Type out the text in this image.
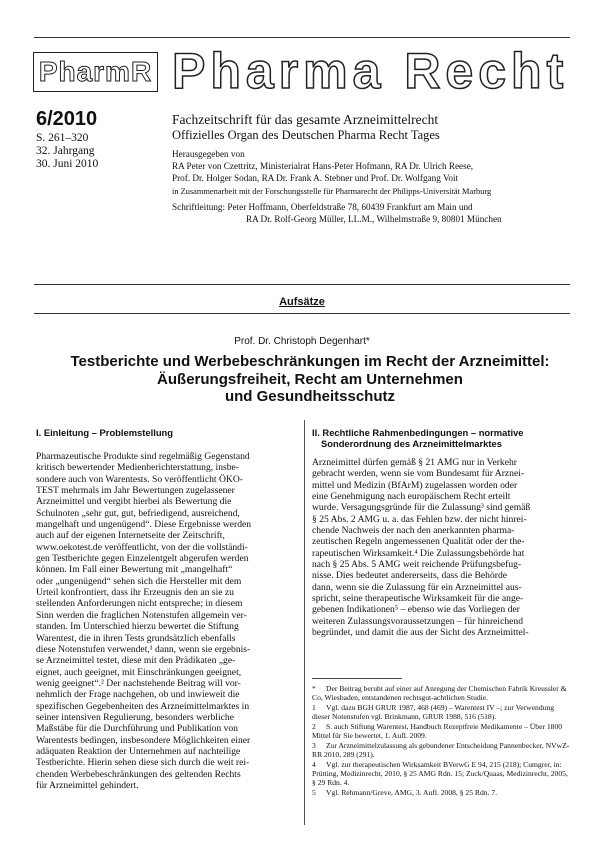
PharmR Pharma Recht
6/2010
S. 261–320
32. Jahrgang
30. Juni 2010
Fachzeitschrift für das gesamte Arzneimittelrecht
Offizielles Organ des Deutschen Pharma Recht Tages
Herausgegeben von
RA Peter von Czettritz, Ministerialrat Hans-Peter Hofmann, RA Dr. Ulrich Reese,
Prof. Dr. Holger Sodan, RA Dr. Frank A. Stebner und Prof. Dr. Wolfgang Voit
in Zusammenarbeit mit der Forschungsstelle für Pharmarecht der Philipps-Universität Marburg
Schriftleitung: Peter Hoffmann, Oberfeldstraße 78, 60439 Frankfurt am Main und
RA Dr. Rolf-Georg Müller, LL.M., Wilhelmstraße 9, 80801 München
Aufsätze
Prof. Dr. Christoph Degenhart*
Testberichte und Werbebeschränkungen im Recht der Arzneimittel:
Äußerungsfreiheit, Recht am Unternehmen
und Gesundheitsschutz
I. Einleitung – Problemstellung
Pharmazeutische Produkte sind regelmäßig Gegenstand
kritisch bewertender Medienberichterstattung, insbe-
sondere auch von Warentests. So veröffentlicht ÖKO-
TEST mehrmals im Jahr Bewertungen zugelassener
Arzneimittel und vergibt hierbei als Bewertung die
Schulnoten „sehr gut, gut, befriedigend, ausreichend,
mangelhaft und ungenügend“. Diese Ergebnisse werden
auch auf der eigenen Internetseite der Zeitschrift,
www.oekotest.de veröffentlicht, von der die vollständi-
gen Testberichte gegen Einzelentgelt abgerufen werden
können. Im Fall einer Bewertung mit „mangelhaft“
oder „ungenügend“ sehen sich die Hersteller mit dem
Urteil konfrontiert, dass ihr Erzeugnis den an sie zu
stellenden Anforderungen nicht entspreche; in diesem
Sinn werden die fraglichen Notenstufen allgemein ver-
standen. Im Unterschied hierzu bewertet die Stiftung
Warentest, die in ihren Tests grundsätzlich ebenfalls
diese Notenstufen verwendet,¹ dann, wenn sie ergebnis-
se Arzneimittel testet, diese mit den Prädikaten „ge-
eignet, auch geeignet, mit Einschränkungen geeignet,
wenig geeignet“.² Der nachstehende Beitrag will vor-
nehmlich der Frage nachgehen, ob und inwieweit die
spezifischen Gegebenheiten des Arzneimittelmarktes in
seiner intensiven Regulierung, besonders werbliche
Maßstäbe für die Durchführung und Publikation von
Warentests bedingen, insbesondere Möglichkeiten einer
adäquaten Reaktion der Unternehmen auf nachteilige
Testberichte. Hierin sehen diese sich durch die weit rei-
chenden Werbebeschränkungen des geltenden Rechts
für Arzneimittel gehindert.
II. Rechtliche Rahmenbedingungen – normative
Sonderordnung des Arzneimittelmarktes
Arzneimittel dürfen gemäß § 21 AMG nur in Verkehr
gebracht werden, wenn sie vom Bundesamt für Arznei-
mittel und Medizin (BfArM) zugelassen worden oder
eine Genehmigung nach europäischem Recht erteilt
wurde. Versagungsgründe für die Zulassung³ sind gemäß
§ 25 Abs. 2 AMG u. a. das Fehlen bzw. der nicht hinrei-
chende Nachweis der nach den anerkannten pharma-
zeutischen Regeln angemessenen Qualität oder der the-
rapeutischen Wirksamkeit.⁴ Die Zulassungsbehörde hat
nach § 25 Abs. 5 AMG weit reichende Prüfungsbefug-
nisse. Dies bedeutet andererseits, dass die Behörde
dann, wenn sie die Zulassung für ein Arzneimittel aus-
spricht, seine therapeutische Wirksamkeit für die ange-
gebenen Indikationen⁵ – ebenso wie das Vorliegen der
weiteren Zulassungsvoraussetzungen – für hinreichend
begründet, und damit die aus der Sicht des Arzneimittel-
* Der Beitrag beruht auf einer auf Anregung der Chemischen Fabrik Kreussler & Co, Wiesbaden, entstandenen rechtsgut-achtlichen Studie.
1 Vgl. dazu BGH GRUR 1987, 468 (469) – Warentest IV –; zur Verwendung dieser Notenstufen vgl. Brinkmann, GRUR 1988, 516 (518).
2 S. auch Stiftung Warentest, Handbuch Rezeptfreie Medikamente – Über 1800 Mittel für Sie bewertet, 1. Aufl. 2009.
3 Zur Arzneimittelzulassung als gebundener Entscheidung Pannenbecker, NVwZ-RR 2010, 289 (291).
4 Vgl. zur therapeutischen Wirksamkeit BVerwG E 94, 215 (218); Cumgrer, in: Prütting, Medizinrecht, 2010, § 25 AMG Rdn. 15; Zuck/Quaas, Medizinrecht, 2005, § 29 Rdn. 4.
5 Vgl. Rehmann/Greve, AMG, 3. Aufl. 2008, § 25 Rdn. 7.
